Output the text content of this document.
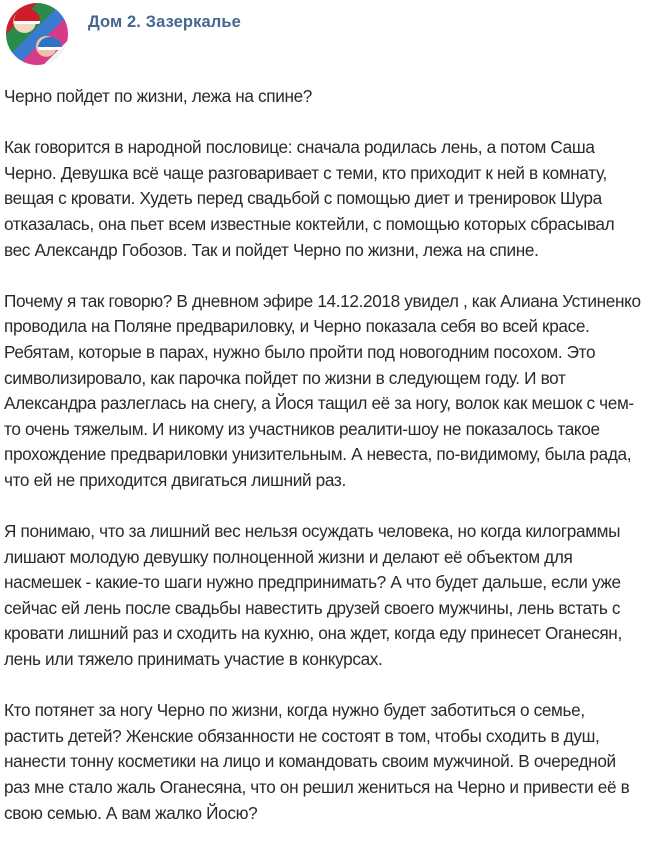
Дом 2. Зазеркалье
Черно пойдет по жизни, лежа на спине?
Как говорится в народной пословице: сначала родилась лень, а потом Саша
Черно. Девушка всё чаще разговаривает с теми, кто приходит к ней в комнату,
вещая с кровати. Худеть перед свадьбой с помощью диет и тренировок Шура
отказалась, она пьет всем известные коктейли, с помощью которых сбрасывал
вес Александр Гобозов. Так и пойдет Черно по жизни, лежа на спине.
Почему я так говорю? В дневном эфире 14.12.2018 увидел , как Алиана Устиненко
проводила на Поляне предвариловку, и Черно показала себя во всей красе.
Ребятам, которые в парах, нужно было пройти под новогодним посохом. Это
символизировало, как парочка пойдет по жизни в следующем году. И вот
Александра разлеглась на снегу, а Йося тащил её за ногу, волок как мешок с чем-
то очень тяжелым. И никому из участников реалити-шоу не показалось такое
прохождение предвариловки унизительным. А невеста, по-видимому, была рада,
что ей не приходится двигаться лишний раз.
Я понимаю, что за лишний вес нельзя осуждать человека, но когда килограммы
лишают молодую девушку полноценной жизни и делают её объектом для
насмешек - какие-то шаги нужно предпринимать? А что будет дальше, если уже
сейчас ей лень после свадьбы навестить друзей своего мужчины, лень встать с
кровати лишний раз и сходить на кухню, она ждет, когда еду принесет Оганесян,
лень или тяжело принимать участие в конкурсах.
Кто потянет за ногу Черно по жизни, когда нужно будет заботиться о семье,
растить детей? Женские обязанности не состоят в том, чтобы сходить в душ,
нанести тонну косметики на лицо и командовать своим мужчиной. В очередной
раз мне стало жаль Оганесяна, что он решил жениться на Черно и привести её в
свою семью. А вам жалко Йосю?
